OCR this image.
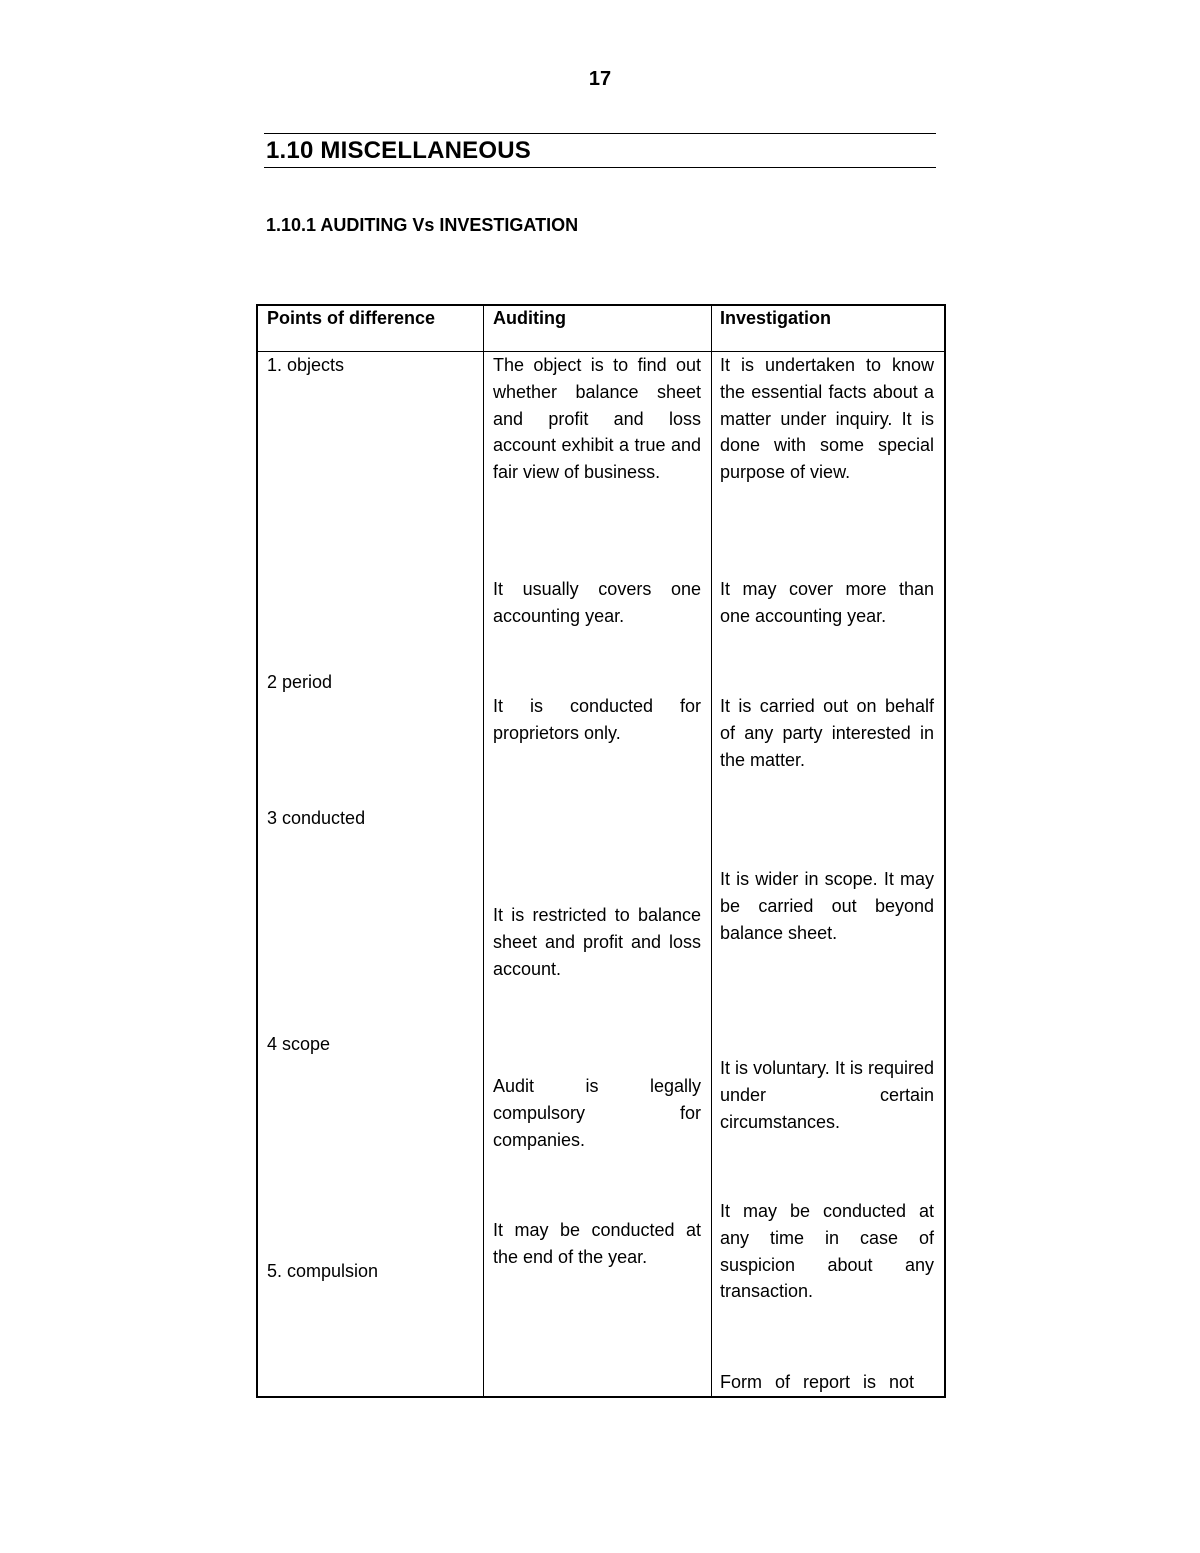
17
1.10 MISCELLANEOUS
1.10.1 AUDITING Vs INVESTIGATION
Points of difference	Auditing	Investigation
1. objects
2 period
3 conducted
4 scope
5. compulsion
The object is to find out whether balance sheet and profit and loss account exhibit a true and fair view of business.
It usually covers one accounting year.
It is conducted for proprietors only.
It is restricted to balance sheet and profit and loss account.
Audit is legally compulsory for companies.
It may be conducted at the end of the year.
It is undertaken to know the essential facts about a matter under inquiry. It is done with some special purpose of view.
It may cover more than one accounting year.
It is carried out on behalf of any party interested in the matter.
It is wider in scope. It may be carried out beyond balance sheet.
It is voluntary. It is required under certain circumstances.
It may be conducted at any time in case of suspicion about any transaction.
Form of report is not
